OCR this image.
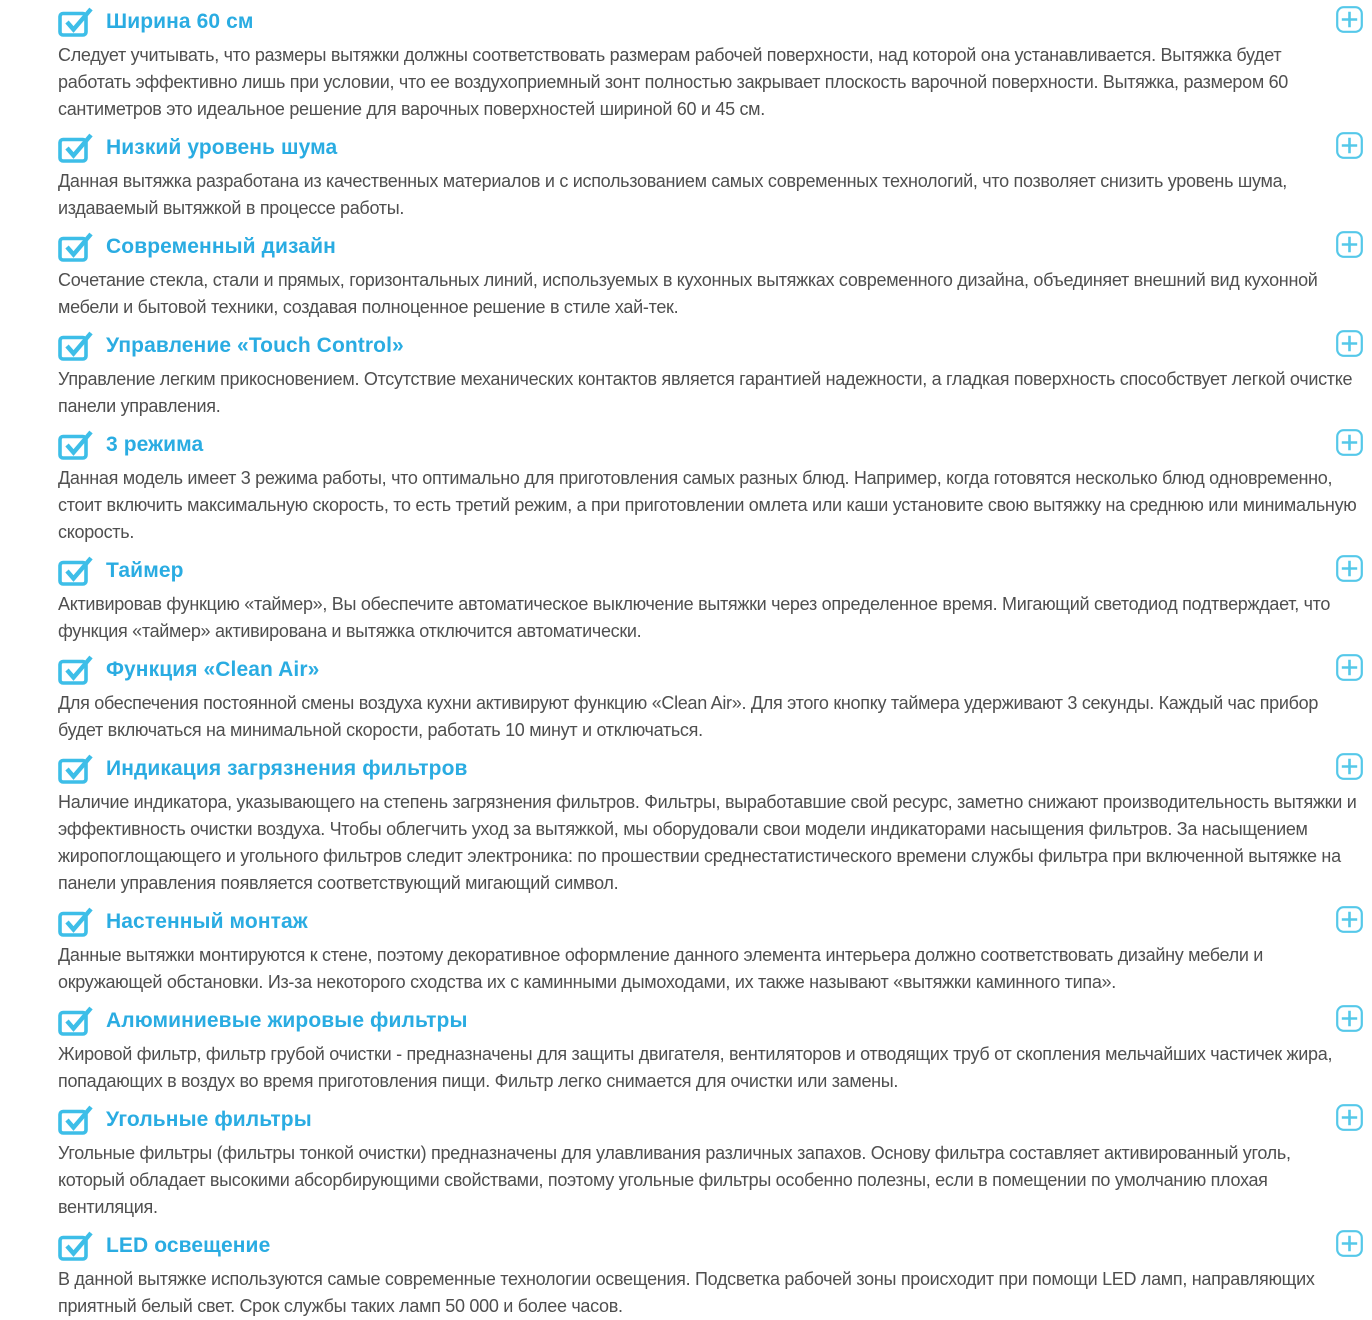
Ширина 60 см

Следует учитывать, что размеры вытяжки должны соответствовать размерам рабочей поверхности, над которой она устанавливается. Вытяжка будет работать эффективно лишь при условии, что ее воздухоприемный зонт полностью закрывает плоскость варочной поверхности. Вытяжка, размером 60 сантиметров это идеальное решение для варочных поверхностей шириной 60 и 45 см.

Низкий уровень шума

Данная вытяжка разработана из качественных материалов и с использованием самых современных технологий, что позволяет снизить уровень шума, издаваемый вытяжкой в процессе работы.

Современный дизайн

Сочетание стекла, стали и прямых, горизонтальных линий, используемых в кухонных вытяжках современного дизайна, объединяет внешний вид кухонной мебели и бытовой техники, создавая полноценное решение в стиле хай-тек.

Управление «Touch Control»

Управление легким прикосновением. Отсутствие механических контактов является гарантией надежности, а гладкая поверхность способствует легкой очистке панели управления.

3 режима

Данная модель имеет 3 режима работы, что оптимально для приготовления самых разных блюд. Например, когда готовятся несколько блюд одновременно, стоит включить максимальную скорость, то есть третий режим, а при приготовлении омлета или каши установите свою вытяжку на среднюю или минимальную скорость.

Таймер

Активировав функцию «таймер», Вы обеспечите автоматическое выключение вытяжки через определенное время. Мигающий светодиод подтверждает, что функция «таймер» активирована и вытяжка отключится автоматически.

Функция «Clean Air»

Для обеспечения постоянной смены воздуха кухни активируют функцию «Clean Air». Для этого кнопку таймера удерживают 3 секунды. Каждый час прибор будет включаться на минимальной скорости, работать 10 минут и отключаться.

Индикация загрязнения фильтров

Наличие индикатора, указывающего на степень загрязнения фильтров. Фильтры, выработавшие свой ресурс, заметно снижают производительность вытяжки и эффективность очистки воздуха. Чтобы облегчить уход за вытяжкой, мы оборудовали свои модели индикаторами насыщения фильтров. За насыщением жиропоглощающего и угольного фильтров следит электроника: по прошествии среднестатистического времени службы фильтра при включенной вытяжке на панели управления появляется соответствующий мигающий символ.

Настенный монтаж

Данные вытяжки монтируются к стене, поэтому декоративное оформление данного элемента интерьера должно соответствовать дизайну мебели и окружающей обстановки. Из-за некоторого сходства их с каминными дымоходами, их также называют «вытяжки каминного типа».

Алюминиевые жировые фильтры

Жировой фильтр, фильтр грубой очистки - предназначены для защиты двигателя, вентиляторов и отводящих труб от скопления мельчайших частичек жира, попадающих в воздух во время приготовления пищи. Фильтр легко снимается для очистки или замены.

Угольные фильтры

Угольные фильтры (фильтры тонкой очистки) предназначены для улавливания различных запахов. Основу фильтра составляет активированный уголь, который обладает высокими абсорбирующими свойствами, поэтому угольные фильтры особенно полезны, если в помещении по умолчанию плохая вентиляция.

LED освещение

В данной вытяжке используются самые современные технологии освещения. Подсветка рабочей зоны происходит при помощи LED ламп, направляющих приятный белый свет. Срок службы таких ламп 50 000 и более часов.
